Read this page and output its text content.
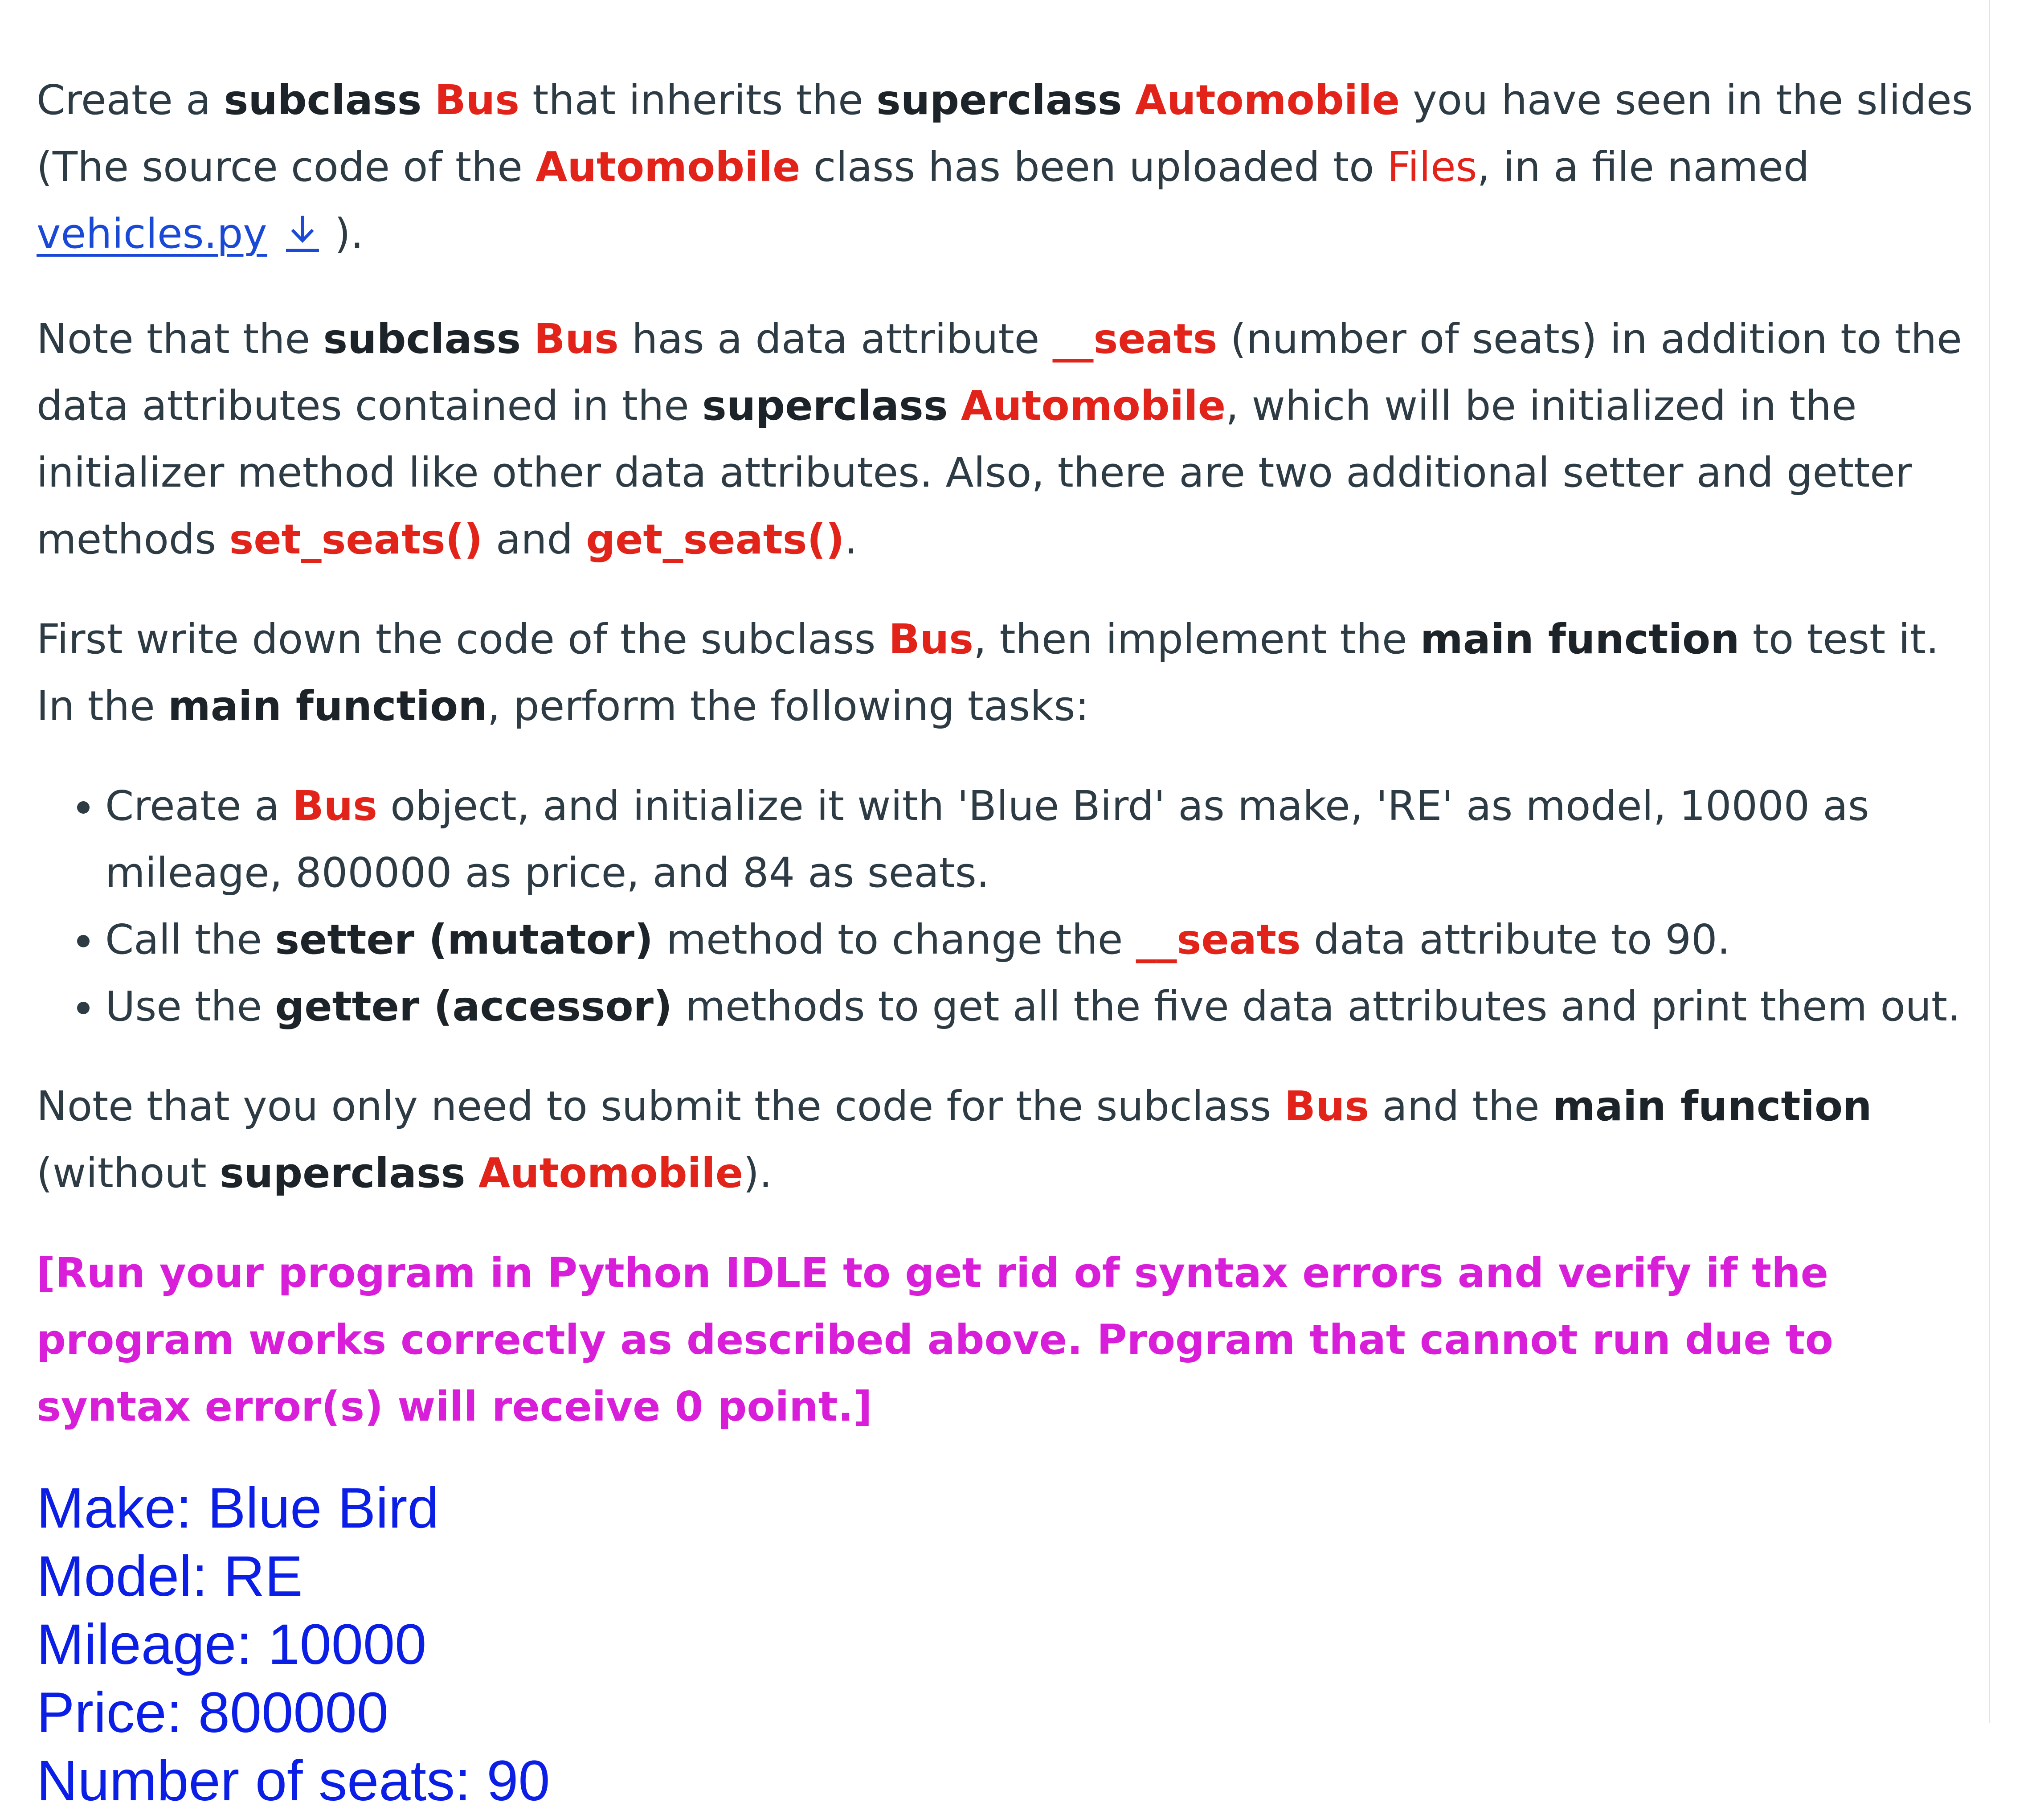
Create a subclass Bus that inherits the superclass Automobile you have seen in the slides (The source code of the Automobile class has been uploaded to Files, in a file named vehicles.py ).

Note that the subclass Bus has a data attribute __seats (number of seats) in addition to the data attributes contained in the superclass Automobile, which will be initialized in the initializer method like other data attributes. Also, there are two additional setter and getter methods set_seats() and get_seats().

First write down the code of the subclass Bus, then implement the main function to test it. In the main function, perform the following tasks:

• Create a Bus object, and initialize it with 'Blue Bird' as make, 'RE' as model, 10000 as mileage, 800000 as price, and 84 as seats.
• Call the setter (mutator) method to change the __seats data attribute to 90.
• Use the getter (accessor) methods to get all the five data attributes and print them out.

Note that you only need to submit the code for the subclass Bus and the main function (without superclass Automobile).

[Run your program in Python IDLE to get rid of syntax errors and verify if the program works correctly as described above. Program that cannot run due to syntax error(s) will receive 0 point.]

Make: Blue Bird
Model: RE
Mileage: 10000
Price: 800000
Number of seats: 90
